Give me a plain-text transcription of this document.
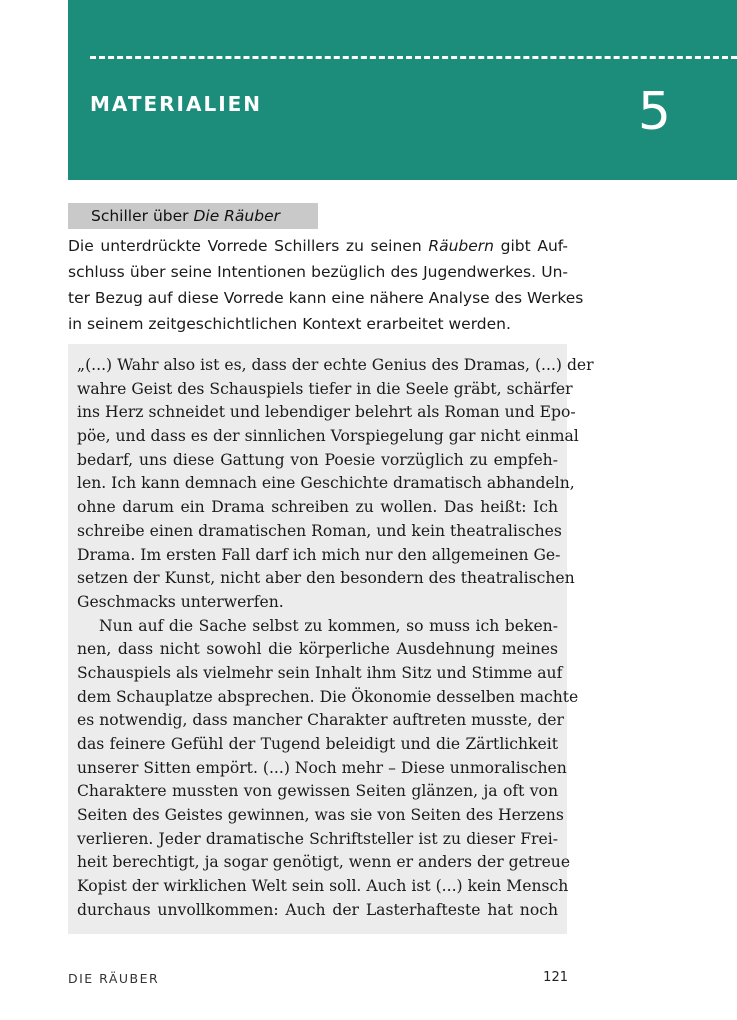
MATERIALIEN	5
Schiller über Die Räuber
Die unterdrückte Vorrede Schillers zu seinen Räubern gibt Auf-
schluss über seine Intentionen bezüglich des Jugendwerkes. Un-
ter Bezug auf diese Vorrede kann eine nähere Analyse des Werkes
in seinem zeitgeschichtlichen Kontext erarbeitet werden.
„(...) Wahr also ist es, dass der echte Genius des Dramas, (...) der
wahre Geist des Schauspiels tiefer in die Seele gräbt, schärfer
ins Herz schneidet und lebendiger belehrt als Roman und Epo-
pöe, und dass es der sinnlichen Vorspiegelung gar nicht einmal
bedarf, uns diese Gattung von Poesie vorzüglich zu empfeh-
len. Ich kann demnach eine Geschichte dramatisch abhandeln,
ohne darum ein Drama schreiben zu wollen. Das heißt: Ich
schreibe einen dramatischen Roman, und kein theatralisches
Drama. Im ersten Fall darf ich mich nur den allgemeinen Ge-
setzen der Kunst, nicht aber den besondern des theatralischen
Geschmacks unterwerfen.
Nun auf die Sache selbst zu kommen, so muss ich beken-
nen, dass nicht sowohl die körperliche Ausdehnung meines
Schauspiels als vielmehr sein Inhalt ihm Sitz und Stimme auf
dem Schauplatze absprechen. Die Ökonomie desselben machte
es notwendig, dass mancher Charakter auftreten musste, der
das feinere Gefühl der Tugend beleidigt und die Zärtlichkeit
unserer Sitten empört. (...) Noch mehr – Diese unmoralischen
Charaktere mussten von gewissen Seiten glänzen, ja oft von
Seiten des Geistes gewinnen, was sie von Seiten des Herzens
verlieren. Jeder dramatische Schriftsteller ist zu dieser Frei-
heit berechtigt, ja sogar genötigt, wenn er anders der getreue
Kopist der wirklichen Welt sein soll. Auch ist (...) kein Mensch
durchaus unvollkommen: Auch der Lasterhafteste hat noch
DIE RÄUBER	121
